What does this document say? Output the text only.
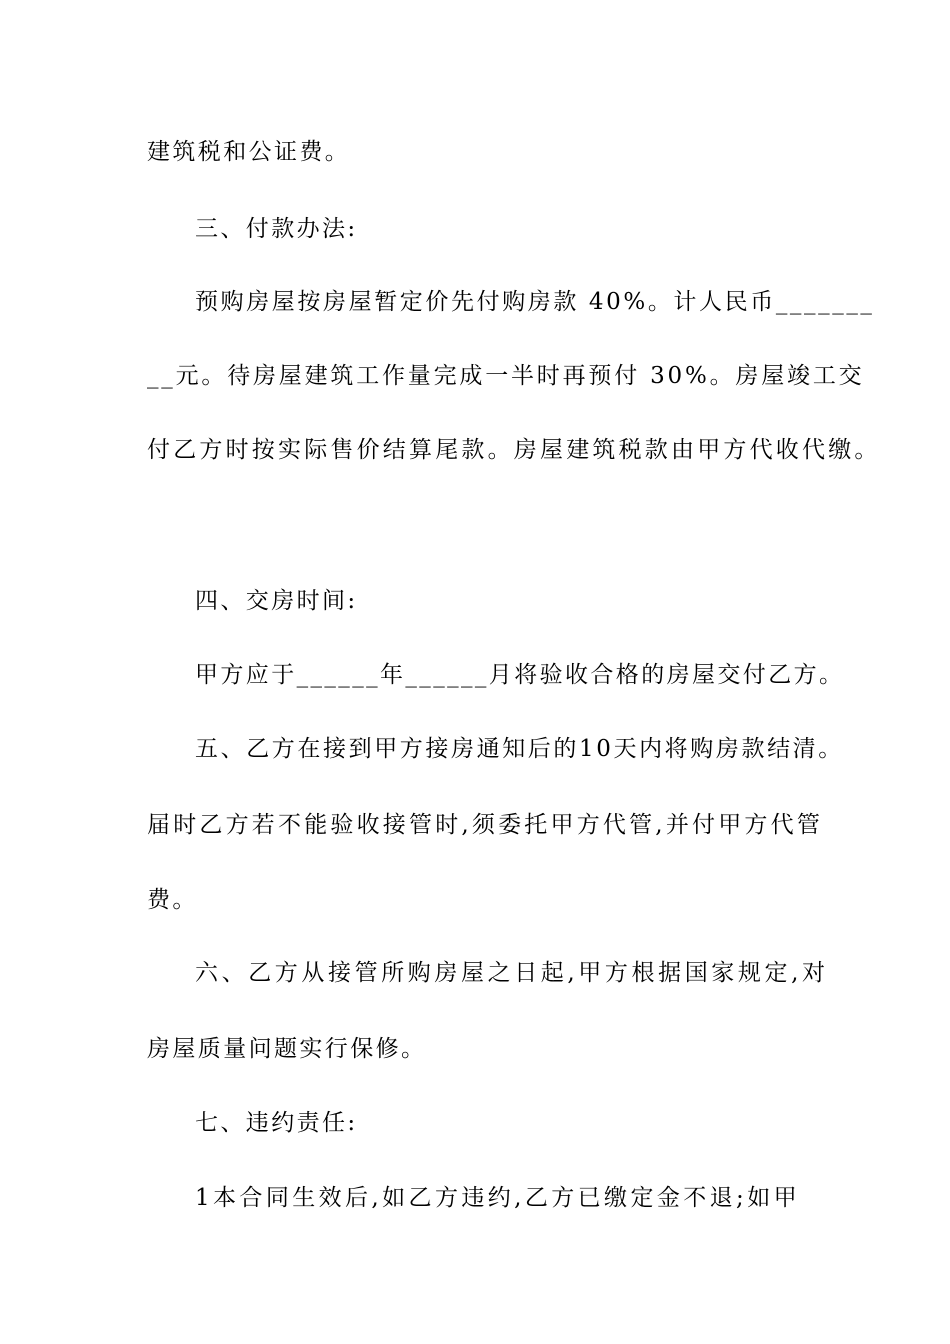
建筑税和公证费。
三、付款办法:
预购房屋按房屋暂定价先付购房款 40%。计人民币_______
__元。待房屋建筑工作量完成一半时再预付 30%。房屋竣工交
付乙方时按实际售价结算尾款。房屋建筑税款由甲方代收代缴。
四、交房时间:
甲方应于______年______月将验收合格的房屋交付乙方。
五、乙方在接到甲方接房通知后的10天内将购房款结清。
届时乙方若不能验收接管时,须委托甲方代管,并付甲方代管
费。
六、乙方从接管所购房屋之日起,甲方根据国家规定,对
房屋质量问题实行保修。
七、违约责任:
1本合同生效后,如乙方违约,乙方已缴定金不退;如甲
